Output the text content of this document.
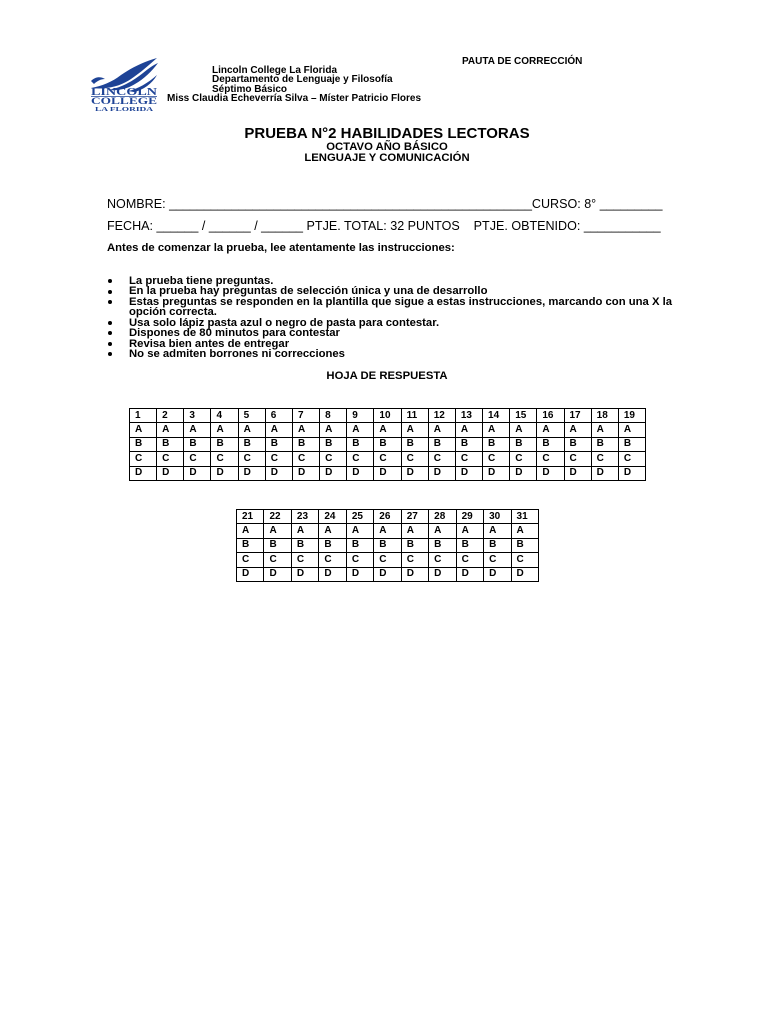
PAUTA DE CORRECCIÓN
LINCOLN
COLLEGE
LA FLORIDA
Lincoln College La Florida
Departamento de Lenguaje y Filosofía
Séptimo Básico
Miss Claudia Echeverría Silva – Míster Patricio Flores
PRUEBA N°2 HABILIDADES LECTORAS
OCTAVO AÑO BÁSICO
LENGUAJE Y COMUNICACIÓN
NOMBRE: ____________________________________________________CURSO: 8° _________
FECHA: ______ / ______ / ______ PTJE. TOTAL: 32 PUNTOS PTJE. OBTENIDO: ___________
Antes de comenzar la prueba, lee atentamente las instrucciones:
La prueba tiene preguntas.
En la prueba hay preguntas de selección única y una de desarrollo
Estas preguntas se responden en la plantilla que sigue a estas instrucciones, marcando con una X la opción correcta.
Usa solo lápiz pasta azul o negro de pasta para contestar.
Dispones de 80 minutos para contestar
Revisa bien antes de entregar
No se admiten borrones ni correcciones
HOJA DE RESPUESTA
1	2	3	4	5	6	7	8	9	10	11	12	13	14	15	16	17	18	19
A	A	A	A	A	A	A	A	A	A	A	A	A	A	A	A	A	A	A
B	B	B	B	B	B	B	B	B	B	B	B	B	B	B	B	B	B	B
C	C	C	C	C	C	C	C	C	C	C	C	C	C	C	C	C	C	C
D	D	D	D	D	D	D	D	D	D	D	D	D	D	D	D	D	D	D
21	22	23	24	25	26	27	28	29	30	31
A	A	A	A	A	A	A	A	A	A	A
B	B	B	B	B	B	B	B	B	B	B
C	C	C	C	C	C	C	C	C	C	C
D	D	D	D	D	D	D	D	D	D	D
